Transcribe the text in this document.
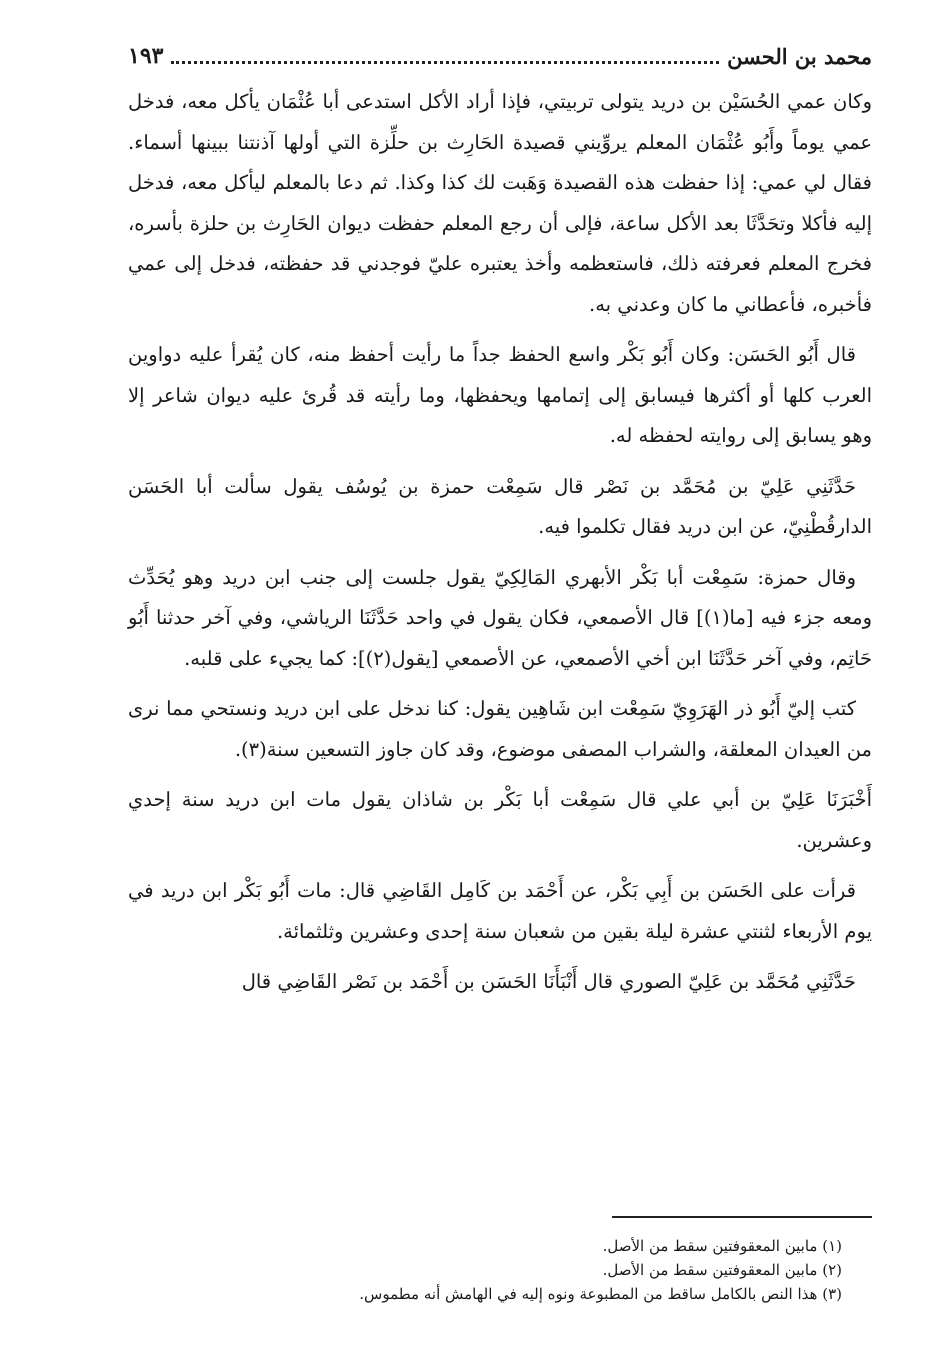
محمد بن الحسن
١٩٣

وكان عمي الحُسَيْن بن دريد يتولى تربيتي، فإذا أراد الأكل استدعى أبا عُثْمَان يأكل معه، فدخل عمي يوماً وأَبُو عُثْمَان المعلم يروِّيني قصيدة الحَارِث بن حلِّزة التي أولها آذنتنا ببينها أسماء. فقال لي عمي: إذا حفظت هذه القصيدة وَهَبت لك كذا وكذا. ثم دعا بالمعلم ليأكل معه، فدخل إليه فأكلا وتحَدَّثَا بعد الأكل ساعة، فإلى أن رجع المعلم حفظت ديوان الحَارِث بن حلزة بأسره، فخرج المعلم فعرفته ذلك، فاستعظمه وأخذ يعتبره عليّ فوجدني قد حفظته، فدخل إلى عمي فأخبره، فأعطاني ما كان وعدني به.

قال أَبُو الحَسَن: وكان أَبُو بَكْر واسع الحفظ جداً ما رأيت أحفظ منه، كان يُقرأ عليه دواوين العرب كلها أو أكثرها فيسابق إلى إتمامها ويحفظها، وما رأيته قد قُرئ عليه ديوان شاعر إلا وهو يسابق إلى روايته لحفظه له.

حَدَّثَنِي عَلِيّ بن مُحَمَّد بن نَصْر قال سَمِعْت حمزة بن يُوسُف يقول سألت أبا الحَسَن الدارقُطْنِيّ، عن ابن دريد فقال تكلموا فيه.

وقال حمزة: سَمِعْت أبا بَكْر الأبهري المَالِكِيّ يقول جلست إلى جنب ابن دريد وهو يُحَدِّث ومعه جزء فيه [ما(١)] قال الأصمعي، فكان يقول في واحد حَدَّثَنَا الرياشي، وفي آخر حدثنا أَبُو حَاتِم، وفي آخر حَدَّثَنَا ابن أخي الأصمعي، عن الأصمعي [يقول(٢)]: كما يجيء على قلبه.

كتب إليّ أَبُو ذر الهَرَوِيّ سَمِعْت ابن شَاهِين يقول: كنا ندخل على ابن دريد ونستحي مما نرى من العيدان المعلقة، والشراب المصفى موضوع، وقد كان جاوز التسعين سنة(٣).

أَخْبَرَنَا عَلِيّ بن أبي علي قال سَمِعْت أبا بَكْر بن شاذان يقول مات ابن دريد سنة إحدي وعشرين.

قرأت على الحَسَن بن أَبِي بَكْر، عن أَحْمَد بن كَامِل القَاضِي قال: مات أَبُو بَكْر ابن دريد في يوم الأربعاء لثنتي عشرة ليلة بقين من شعبان سنة إحدى وعشرين وثلثمائة.

حَدَّثَنِي مُحَمَّد بن عَلِيّ الصوري قال أَنْبَأَنَا الحَسَن بن أَحْمَد بن نَصْر القَاضِي قال

(١) مابين المعقوفتين سقط من الأصل.
(٢) مابين المعقوفتين سقط من الأصل.
(٣) هذا النص بالكامل ساقط من المطبوعة ونوه إليه في الهامش أنه مطموس.
